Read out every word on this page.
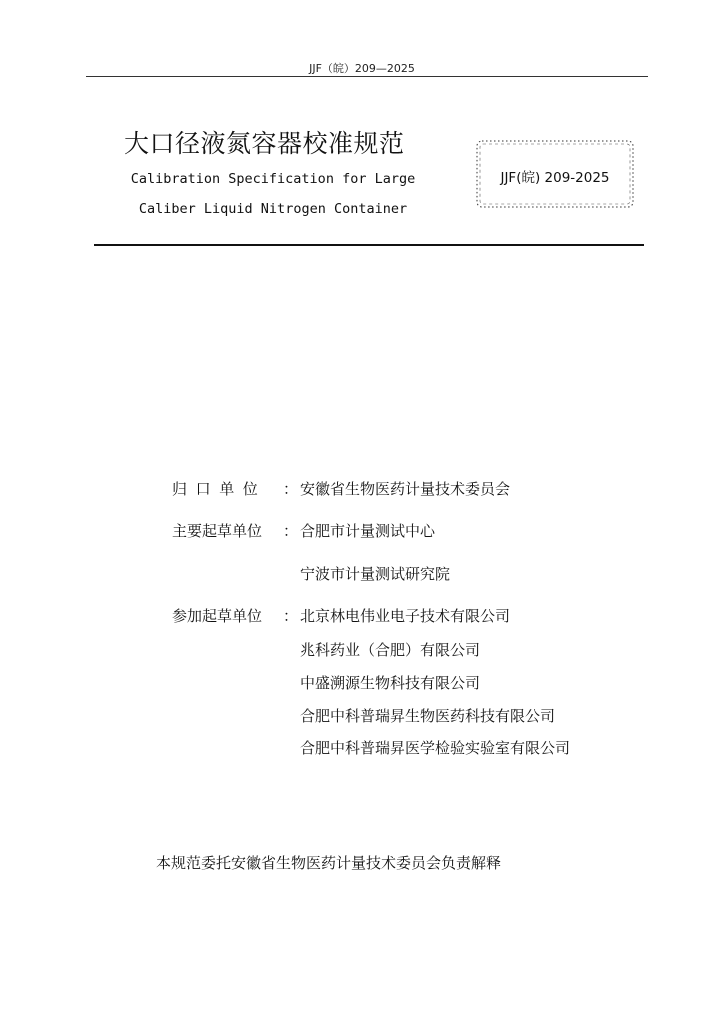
JJF（皖）209—2025
大口径液氮容器校准规范
Calibration Specification for Large
Caliber Liquid Nitrogen Container
JJF(皖) 209-2025
归口单位 ： 安徽省生物医药计量技术委员会
主要起草单位 ： 合肥市计量测试中心
宁波市计量测试研究院
参加起草单位 ： 北京林电伟业电子技术有限公司
兆科药业（合肥）有限公司
中盛溯源生物科技有限公司
合肥中科普瑞昇生物医药科技有限公司
合肥中科普瑞昇医学检验实验室有限公司
本规范委托安徽省生物医药计量技术委员会负责解释
